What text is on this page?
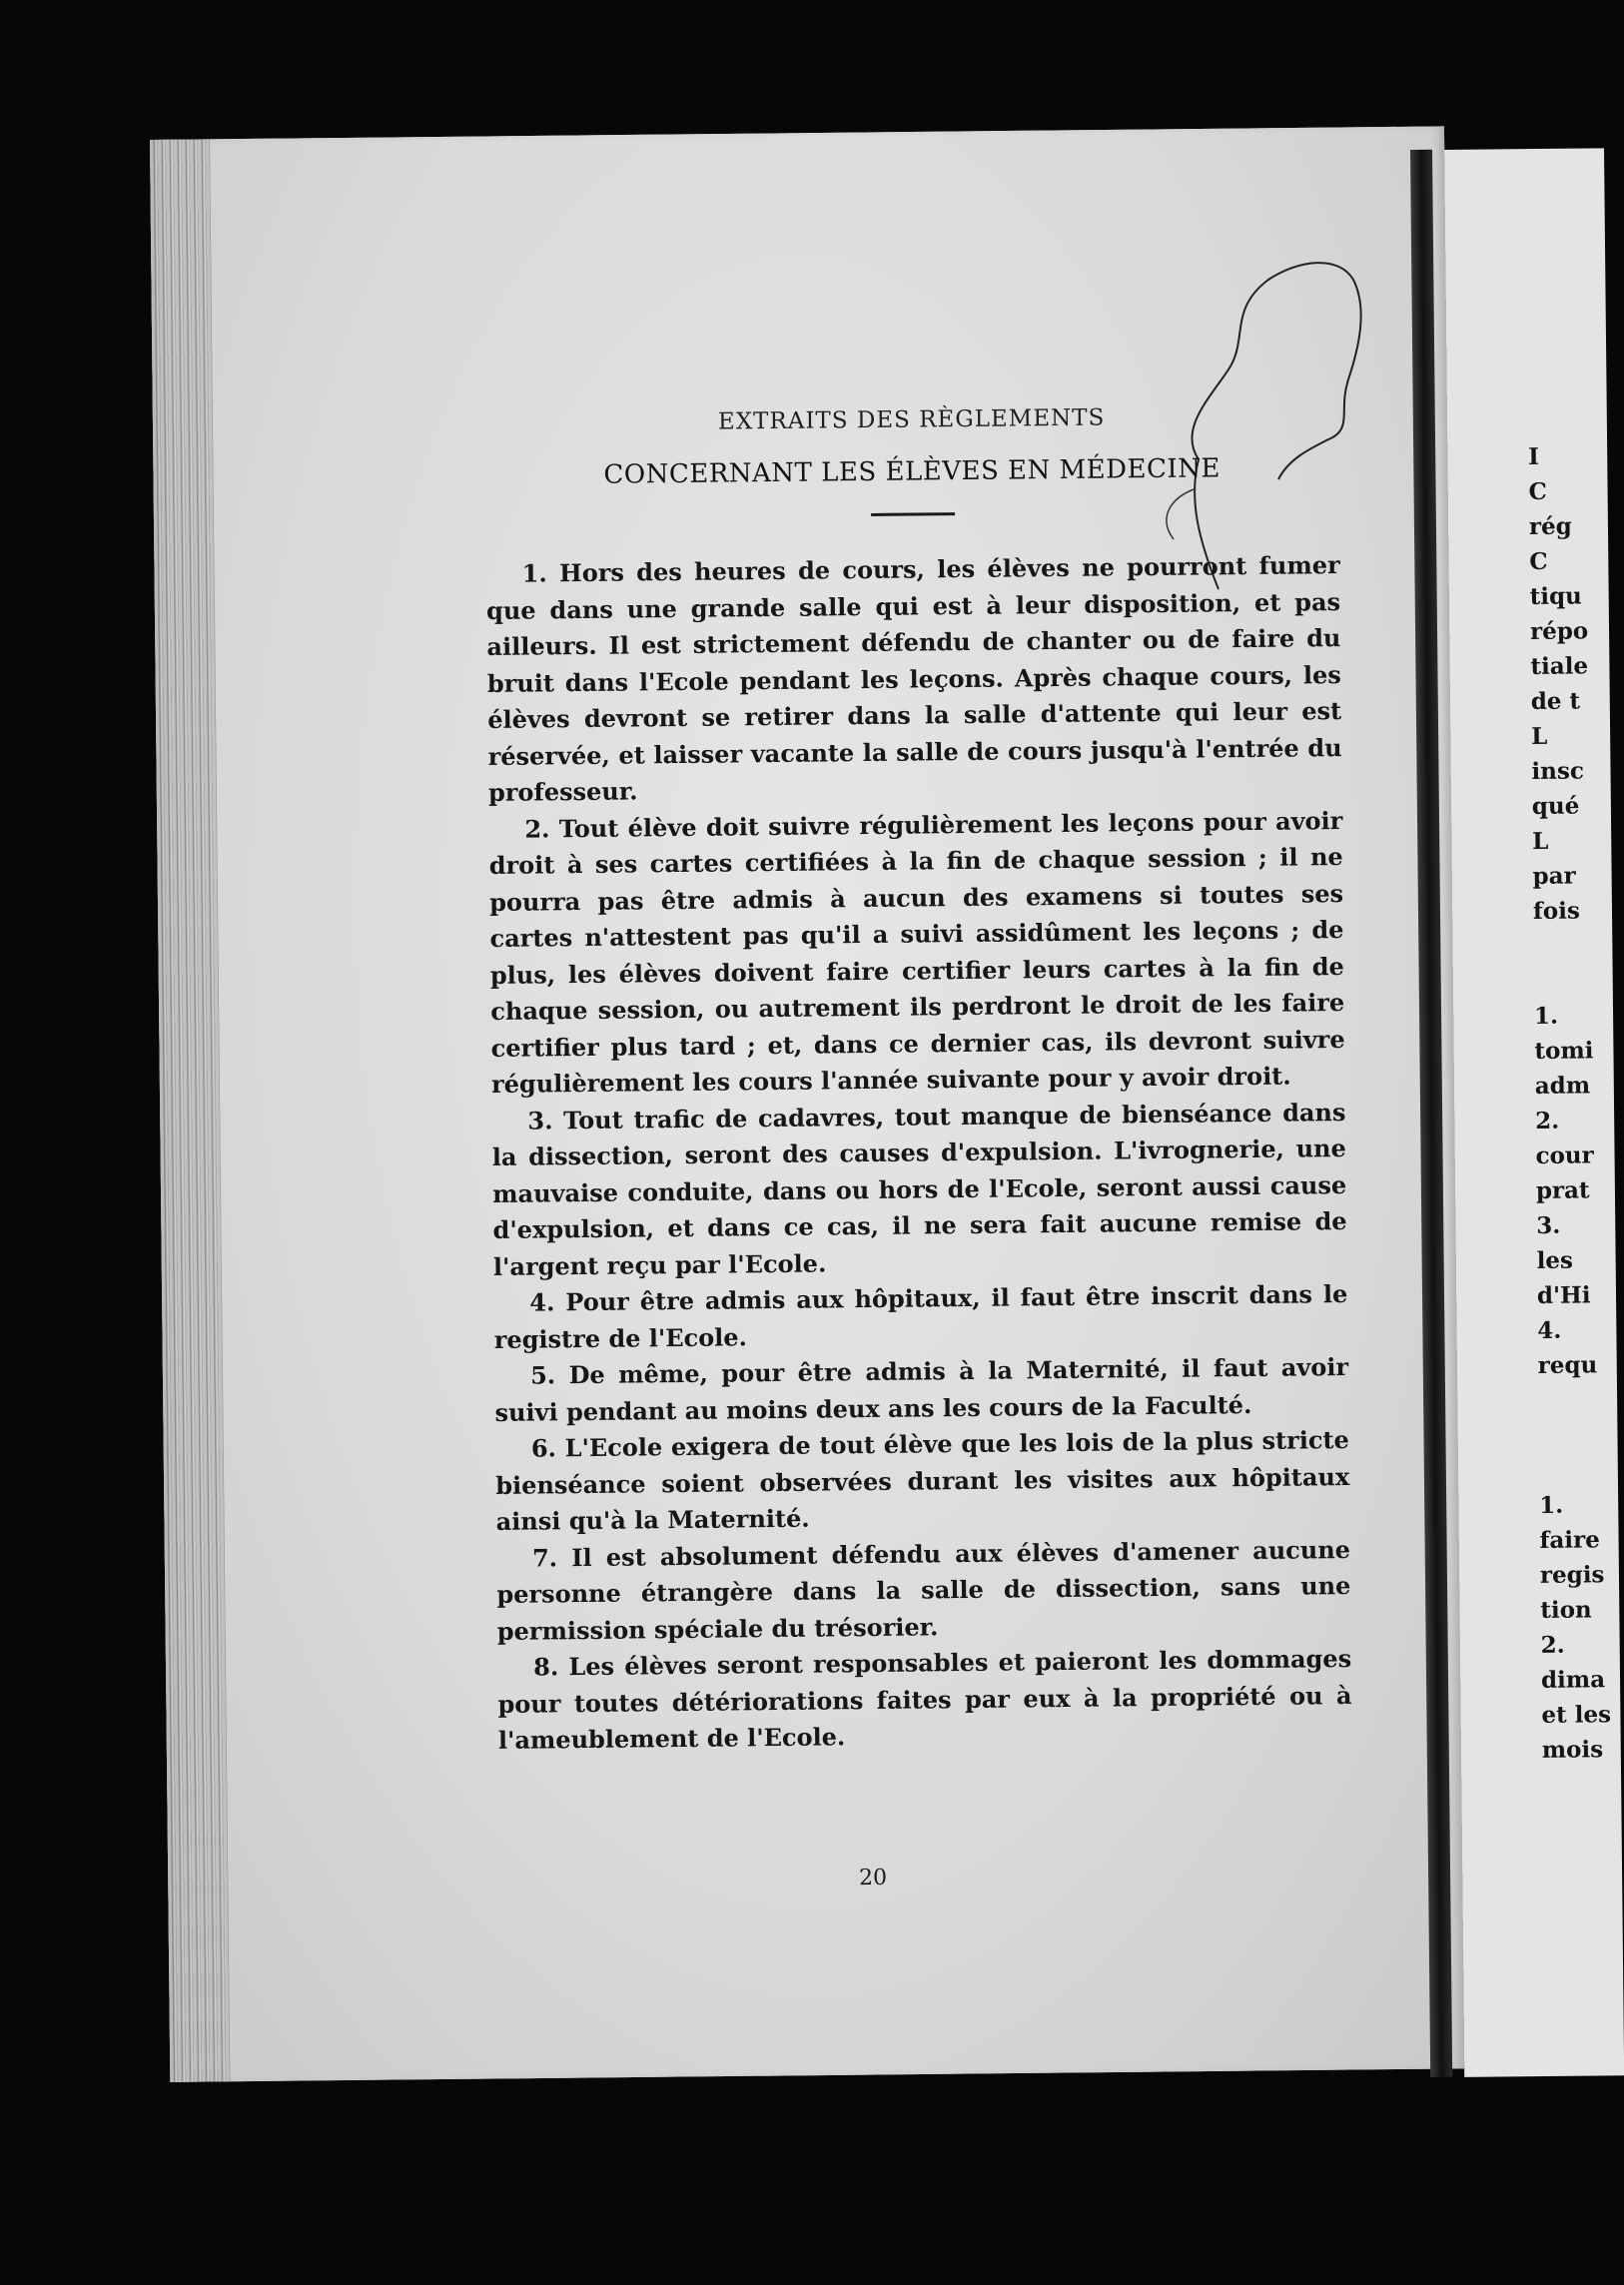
EXTRAITS DES RÈGLEMENTS
CONCERNANT LES ÉLÈVES EN MÉDECINE

1. Hors des heures de cours, les élèves ne pourront fumer que dans une grande salle qui est à leur disposition, et pas ailleurs. Il est strictement défendu de chanter ou de faire du bruit dans l'Ecole pendant les leçons. Après chaque cours, les élèves devront se retirer dans la salle d'attente qui leur est réservée, et laisser vacante la salle de cours jusqu'à l'entrée du professeur.

2. Tout élève doit suivre régulièrement les leçons pour avoir droit à ses cartes certifiées à la fin de chaque session ; il ne pourra pas être admis à aucun des examens si toutes ses cartes n'attestent pas qu'il a suivi assidûment les leçons ; de plus, les élèves doivent faire certifier leurs cartes à la fin de chaque session, ou autrement ils perdront le droit de les faire certifier plus tard ; et, dans ce dernier cas, ils devront suivre régulièrement les cours l'année suivante pour y avoir droit.

3. Tout trafic de cadavres, tout manque de bienséance dans la dissection, seront des causes d'expulsion. L'ivrognerie, une mauvaise conduite, dans ou hors de l'Ecole, seront aussi cause d'expulsion, et dans ce cas, il ne sera fait aucune remise de l'argent reçu par l'Ecole.

4. Pour être admis aux hôpitaux, il faut être inscrit dans le registre de l'Ecole.

5. De même, pour être admis à la Maternité, il faut avoir suivi pendant au moins deux ans les cours de la Faculté.

6. L'Ecole exigera de tout élève que les lois de la plus stricte bienséance soient observées durant les visites aux hôpitaux ainsi qu'à la Maternité.

7. Il est absolument défendu aux élèves d'amener aucune personne étrangère dans la salle de dissection, sans une permission spéciale du trésorier.

8. Les élèves seront responsables et paieront les dommages pour toutes détériorations faites par eux à la propriété ou à l'ameublement de l'Ecole.

20
I
C
rég
C
tiqu
répo
tiale
de t
L
insc
qué
L
par
fois
1.
tomi
adm
2.
cour
prat
3.
les
d'Hi
4.
requ
1.
faire
regis
tion
2.
dima
et les
mois
